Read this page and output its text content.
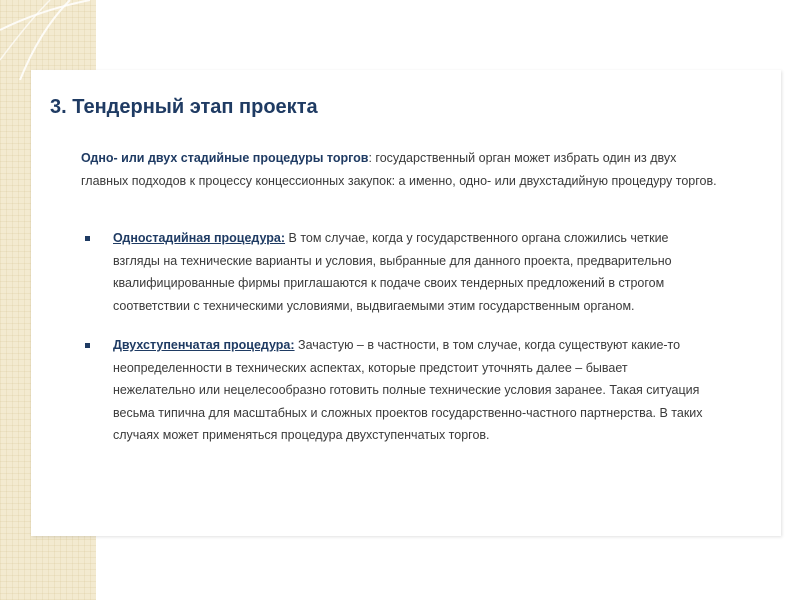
3. Тендерный этап проекта

Одно- или двух стадийные процедуры торгов: государственный орган может избрать один из двух главных подходов к процессу концессионных закупок: а именно, одно- или двухстадийную процедуру торгов.

Одностадийная процедура: В том случае, когда у государственного органа сложились четкие взгляды на технические варианты и условия, выбранные для данного проекта, предварительно квалифицированные фирмы приглашаются к подаче своих тендерных предложений в строгом соответствии с техническими условиями, выдвигаемыми этим государственным органом.
Двухступенчатая процедура: Зачастую – в частности, в том случае, когда существуют какие-то неопределенности в технических аспектах, которые предстоит уточнять далее – бывает нежелательно или нецелесообразно готовить полные технические условия заранее. Такая ситуация весьма типична для масштабных и сложных проектов государственно-частного партнерства. В таких случаях может применяться процедура двухступенчатых торгов.
